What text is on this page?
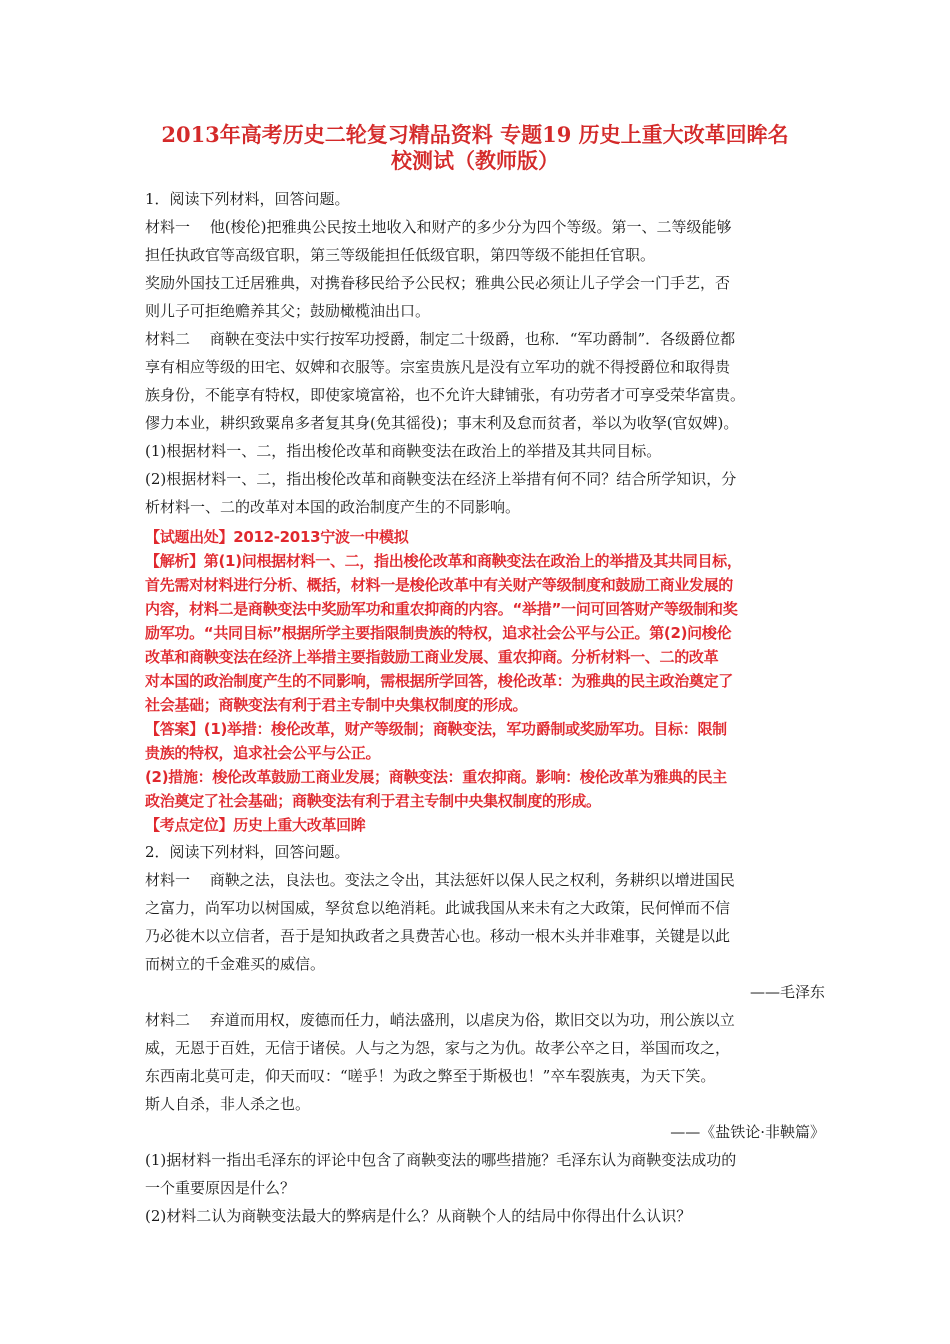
2013年高考历史二轮复习精品资料 专题19 历史上重大改革回眸名
校测试（教师版）
1．阅读下列材料，回答问题。
材料一　 他(梭伦)把雅典公民按土地收入和财产的多少分为四个等级。第一、二等级能够
担任执政官等高级官职，第三等级能担任低级官职，第四等级不能担任官职。
奖励外国技工迁居雅典，对携眷移民给予公民权；雅典公民必须让儿子学会一门手艺，否
则儿子可拒绝赡养其父；鼓励橄榄油出口。
材料二　 商鞅在变法中实行按军功授爵，制定二十级爵，也称．“军功爵制”．各级爵位都
享有相应等级的田宅、奴婢和衣服等。宗室贵族凡是没有立军功的就不得授爵位和取得贵
族身份，不能享有特权，即使家境富裕，也不允许大肆铺张，有功劳者才可享受荣华富贵。
僇力本业，耕织致粟帛多者复其身(免其徭役)；事末利及怠而贫者，举以为收孥(官奴婢)。
(1)根据材料一、二，指出梭伦改革和商鞅变法在政治上的举措及其共同目标。
(2)根据材料一、二，指出梭伦改革和商鞅变法在经济上举措有何不同？结合所学知识，分
析材料一、二的改革对本国的政治制度产生的不同影响。
【试题出处】2012-2013宁波一中模拟
【解析】第(1)问根据材料一、二，指出梭伦改革和商鞅变法在政治上的举措及其共同目标，
首先需对材料进行分析、概括，材料一是梭伦改革中有关财产等级制度和鼓励工商业发展的
内容，材料二是商鞅变法中奖励军功和重农抑商的内容。“举措”一问可回答财产等级制和奖
励军功。“共同目标”根据所学主要指限制贵族的特权，追求社会公平与公正。第(2)问梭伦
改革和商鞅变法在经济上举措主要指鼓励工商业发展、重农抑商。分析材料一、二的改革
对本国的政治制度产生的不同影响，需根据所学回答，梭伦改革：为雅典的民主政治奠定了
社会基础；商鞅变法有利于君主专制中央集权制度的形成。
【答案】(1)举措：梭伦改革，财产等级制；商鞅变法，军功爵制或奖励军功。目标：限制
贵族的特权，追求社会公平与公正。
(2)措施：梭伦改革鼓励工商业发展；商鞅变法：重农抑商。影响：梭伦改革为雅典的民主
政治奠定了社会基础；商鞅变法有利于君主专制中央集权制度的形成。
【考点定位】历史上重大改革回眸
2．阅读下列材料，回答问题。
材料一　 商鞅之法，良法也。变法之令出，其法惩奸以保人民之权利，务耕织以增进国民
之富力，尚军功以树国威，孥贫怠以绝消耗。此诚我国从来未有之大政策，民何惮而不信
乃必徙木以立信者，吾于是知执政者之具费苦心也。移动一根木头并非难事，关键是以此
而树立的千金难买的威信。
——毛泽东
材料二　 弃道而用权，废德而任力，峭法盛刑，以虐戾为俗，欺旧交以为功，刑公族以立
威，无恩于百姓，无信于诸侯。人与之为怨，家与之为仇。故孝公卒之日，举国而攻之，
东西南北莫可走，仰天而叹：“嗟乎！为政之弊至于斯极也！”卒车裂族夷，为天下笑。
斯人自杀，非人杀之也。
——《盐铁论·非鞅篇》
(1)据材料一指出毛泽东的评论中包含了商鞅变法的哪些措施？毛泽东认为商鞅变法成功的
一个重要原因是什么？
(2)材料二认为商鞅变法最大的弊病是什么？从商鞅个人的结局中你得出什么认识？
